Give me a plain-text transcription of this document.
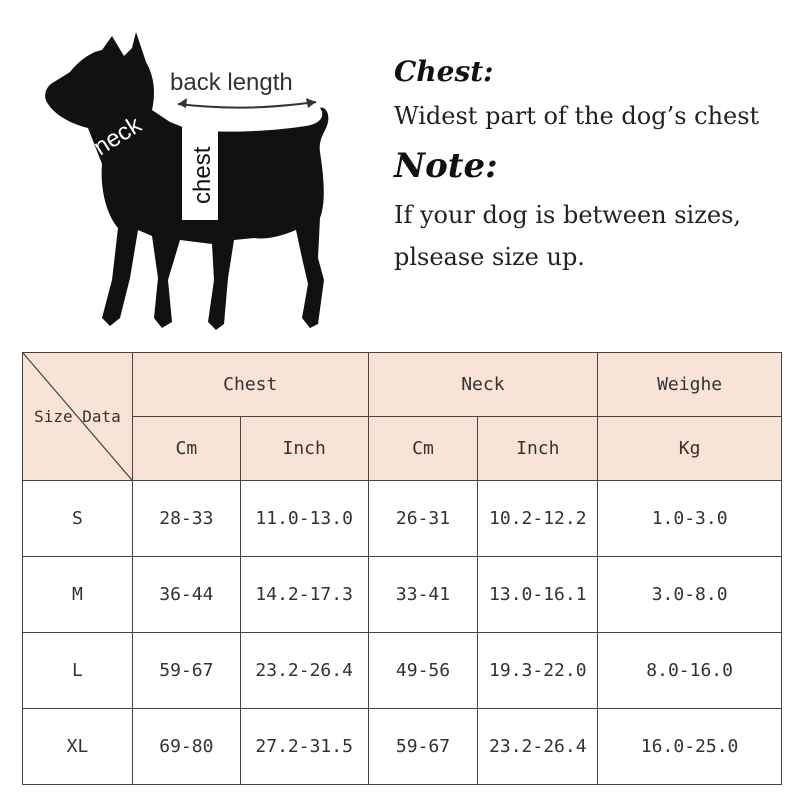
back length
chest
neck
Chest:

Widest part of the dog’s chest

Note:

If your dog is between sizes,
plsease size up.

Size Data	Chest		Neck		Weighe
	Cm	Inch	Cm	Inch	Kg
S	28-33	11.0-13.0	26-31	10.2-12.2	1.0-3.0
M	36-44	14.2-17.3	33-41	13.0-16.1	3.0-8.0
L	59-67	23.2-26.4	49-56	19.3-22.0	8.0-16.0
XL	69-80	27.2-31.5	59-67	23.2-26.4	16.0-25.0
